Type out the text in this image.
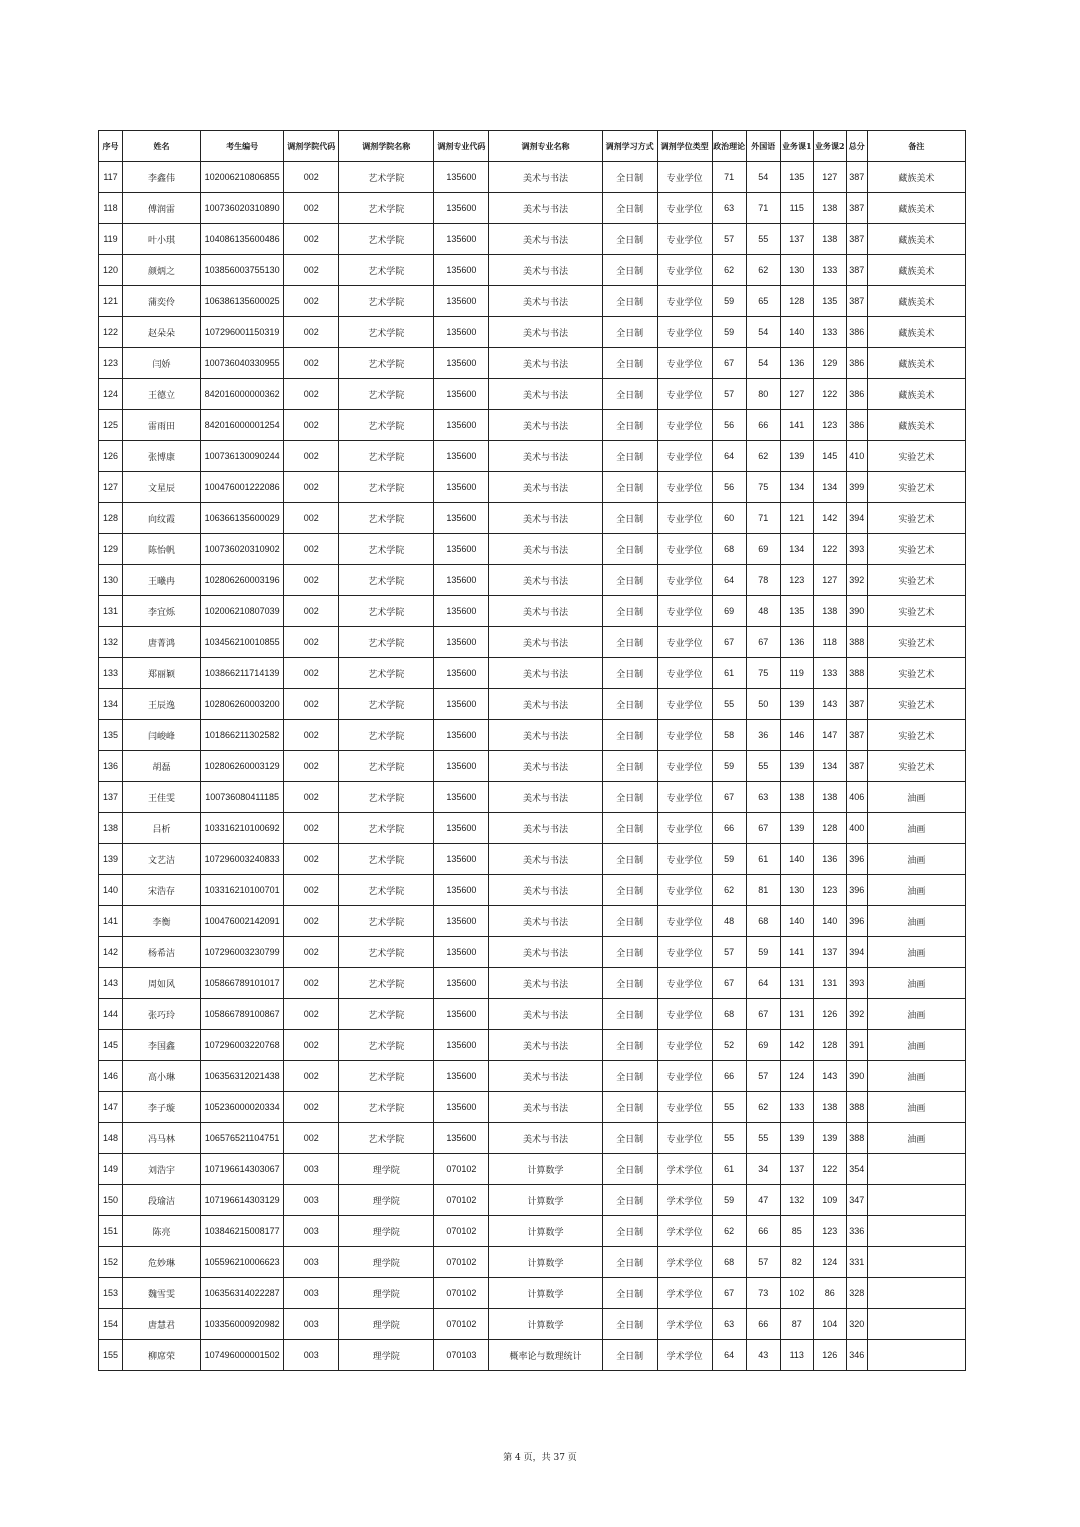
序号	姓名	考生编号	调剂学院代码	调剂学院名称	调剂专业代码	调剂专业名称	调剂学习方式	调剂学位类型	政治理论	外国语	业务课1	业务课2	总分	备注
117	李鑫伟	102006210806855	002	艺术学院	135600	美术与书法	全日制	专业学位	71	54	135	127	387	藏族美术
118	傅润雷	100736020310890	002	艺术学院	135600	美术与书法	全日制	专业学位	63	71	115	138	387	藏族美术
119	叶小琪	104086135600486	002	艺术学院	135600	美术与书法	全日制	专业学位	57	55	137	138	387	藏族美术
120	颜炳之	103856003755130	002	艺术学院	135600	美术与书法	全日制	专业学位	62	62	130	133	387	藏族美术
121	蒲奕伶	106386135600025	002	艺术学院	135600	美术与书法	全日制	专业学位	59	65	128	135	387	藏族美术
122	赵朵朵	107296001150319	002	艺术学院	135600	美术与书法	全日制	专业学位	59	54	140	133	386	藏族美术
123	闫娇	100736040330955	002	艺术学院	135600	美术与书法	全日制	专业学位	67	54	136	129	386	藏族美术
124	王德立	842016000000362	002	艺术学院	135600	美术与书法	全日制	专业学位	57	80	127	122	386	藏族美术
125	雷雨田	842016000001254	002	艺术学院	135600	美术与书法	全日制	专业学位	56	66	141	123	386	藏族美术
126	张博康	100736130090244	002	艺术学院	135600	美术与书法	全日制	专业学位	64	62	139	145	410	实验艺术
127	文星辰	100476001222086	002	艺术学院	135600	美术与书法	全日制	专业学位	56	75	134	134	399	实验艺术
128	向纹霞	106366135600029	002	艺术学院	135600	美术与书法	全日制	专业学位	60	71	121	142	394	实验艺术
129	陈怡帆	100736020310902	002	艺术学院	135600	美术与书法	全日制	专业学位	68	69	134	122	393	实验艺术
130	王曦冉	102806260003196	002	艺术学院	135600	美术与书法	全日制	专业学位	64	78	123	127	392	实验艺术
131	李宜烁	102006210807039	002	艺术学院	135600	美术与书法	全日制	专业学位	69	48	135	138	390	实验艺术
132	唐菁鸿	103456210010855	002	艺术学院	135600	美术与书法	全日制	专业学位	67	67	136	118	388	实验艺术
133	郑丽颖	103866211714139	002	艺术学院	135600	美术与书法	全日制	专业学位	61	75	119	133	388	实验艺术
134	王辰逸	102806260003200	002	艺术学院	135600	美术与书法	全日制	专业学位	55	50	139	143	387	实验艺术
135	闫峻峰	101866211302582	002	艺术学院	135600	美术与书法	全日制	专业学位	58	36	146	147	387	实验艺术
136	胡磊	102806260003129	002	艺术学院	135600	美术与书法	全日制	专业学位	59	55	139	134	387	实验艺术
137	王佳雯	100736080411185	002	艺术学院	135600	美术与书法	全日制	专业学位	67	63	138	138	406	油画
138	吕析	103316210100692	002	艺术学院	135600	美术与书法	全日制	专业学位	66	67	139	128	400	油画
139	文艺洁	107296003240833	002	艺术学院	135600	美术与书法	全日制	专业学位	59	61	140	136	396	油画
140	宋浩存	103316210100701	002	艺术学院	135600	美术与书法	全日制	专业学位	62	81	130	123	396	油画
141	李衡	100476002142091	002	艺术学院	135600	美术与书法	全日制	专业学位	48	68	140	140	396	油画
142	杨希洁	107296003230799	002	艺术学院	135600	美术与书法	全日制	专业学位	57	59	141	137	394	油画
143	周如风	105866789101017	002	艺术学院	135600	美术与书法	全日制	专业学位	67	64	131	131	393	油画
144	张巧玲	105866789100867	002	艺术学院	135600	美术与书法	全日制	专业学位	68	67	131	126	392	油画
145	李国鑫	107296003220768	002	艺术学院	135600	美术与书法	全日制	专业学位	52	69	142	128	391	油画
146	高小琳	106356312021438	002	艺术学院	135600	美术与书法	全日制	专业学位	66	57	124	143	390	油画
147	李子璇	105236000020334	002	艺术学院	135600	美术与书法	全日制	专业学位	55	62	133	138	388	油画
148	冯马林	106576521104751	002	艺术学院	135600	美术与书法	全日制	专业学位	55	55	139	139	388	油画
149	刘浩宇	107196614303067	003	理学院	070102	计算数学	全日制	学术学位	61	34	137	122	354	
150	段瑜洁	107196614303129	003	理学院	070102	计算数学	全日制	学术学位	59	47	132	109	347	
151	陈亮	103846215008177	003	理学院	070102	计算数学	全日制	学术学位	62	66	85	123	336	
152	危妙琳	105596210006623	003	理学院	070102	计算数学	全日制	学术学位	68	57	82	124	331	
153	魏雪雯	106356314022287	003	理学院	070102	计算数学	全日制	学术学位	67	73	102	86	328	
154	唐慧君	103356000920982	003	理学院	070102	计算数学	全日制	学术学位	63	66	87	104	320	
155	柳席荣	107496000001502	003	理学院	070103	概率论与数理统计	全日制	学术学位	64	43	113	126	346	
第 4 页，共 37 页
